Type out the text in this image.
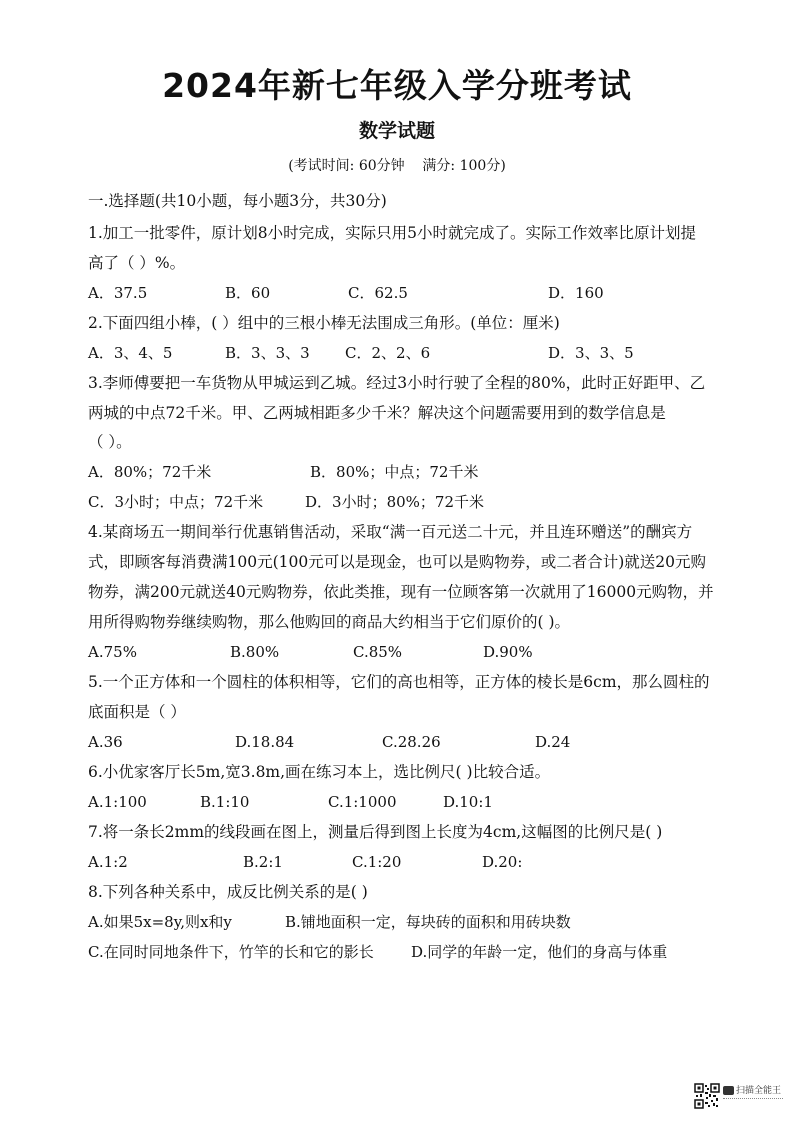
2024年新七年级入学分班考试
数学试题
(考试时间: 60分钟    满分: 100分)
一.选择题(共10小题，每小题3分，共30分)
1.加工一批零件，原计划8小时完成，实际只用5小时就完成了。实际工作效率比原计划提
高了（ ）%。
A．37.5	B．60	C．62.5	D．160
2.下面四组小棒，( ）组中的三根小棒无法围成三角形。(单位：厘米)
A．3、4、5	B．3、3、3 C．2、2、6	D．3、3、5
3.李师傅要把一车货物从甲城运到乙城。经过3小时行驶了全程的80%，此时正好距甲、乙
两城的中点72千米。甲、乙两城相距多少千米？解决这个问题需要用到的数学信息是
（ ）。
A．80%；72千米	B．80%；中点；72千米
C．3小时；中点；72千米	D．3小时；80%；72千米
4.某商场五一期间举行优惠销售活动，采取“满一百元送二十元，并且连环赠送”的酬宾方
式，即顾客每消费满100元(100元可以是现金，也可以是购物券，或二者合计)就送20元购
物券，满200元就送40元购物券，依此类推，现有一位顾客第一次就用了16000元购物，并
用所得购物券继续购物，那么他购回的商品大约相当于它们原价的( )。
A.75%	B.80%	C.85%	D.90%
5.一个正方体和一个圆柱的体积相等，它们的高也相等，正方体的棱长是6cm，那么圆柱的
底面积是（ ）
A.36	D.18.84	C.28.26	D.24
6.小优家客厅长5m,宽3.8m,画在练习本上，选比例尺( )比较合适。
A.1:100	B.1:10	C.1:1000	D.10:1
7.将一条长2mm的线段画在图上，测量后得到图上长度为4cm,这幅图的比例尺是( )
A.1:2	B.2:1	C.1:20	D.20:
8.下列各种关系中，成反比例关系的是( )
A.如果5x=8y,则x和y	B.铺地面积一定，每块砖的面积和用砖块数
C.在同时同地条件下，竹竿的长和它的影长 D.同学的年龄一定，他们的身高与体重
扫描全能王
